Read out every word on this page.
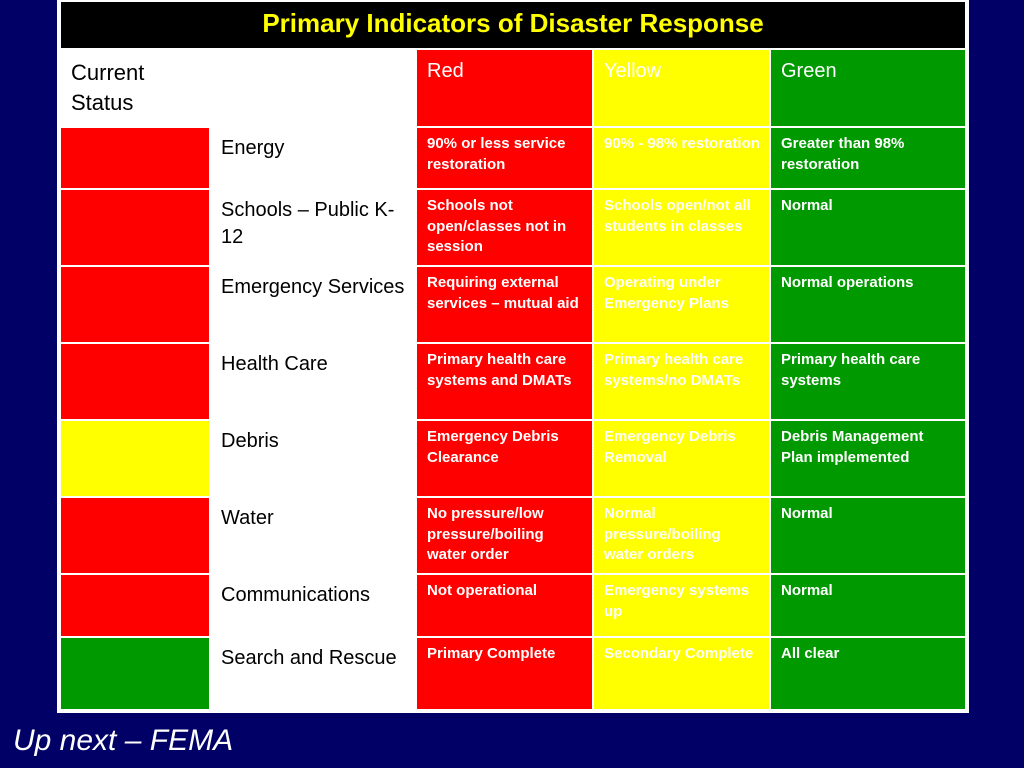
Primary Indicators of Disaster Response				

Current Status		Red	Yellow	Green
	Energy	90% or less service restoration	90% - 98% restoration	Greater than 98% restoration
	Schools – Public K-12	Schools not open/classes not in session	Schools open/not all students in classes	Normal
	Emergency Services	Requiring external services – mutual aid	Operating under Emergency Plans	Normal operations
	Health Care	Primary health care systems and DMATs	Primary health care systems/no DMATs	Primary health care systems
	Debris	Emergency Debris Clearance	Emergency Debris Removal	Debris Management Plan implemented
	Water	No pressure/low pressure/boiling water order	Normal pressure/boiling water orders	Normal
	Communications	Not operational	Emergency systems up	Normal
	Search and Rescue	Primary Complete	Secondary Complete	All clear
Up next – FEMA
